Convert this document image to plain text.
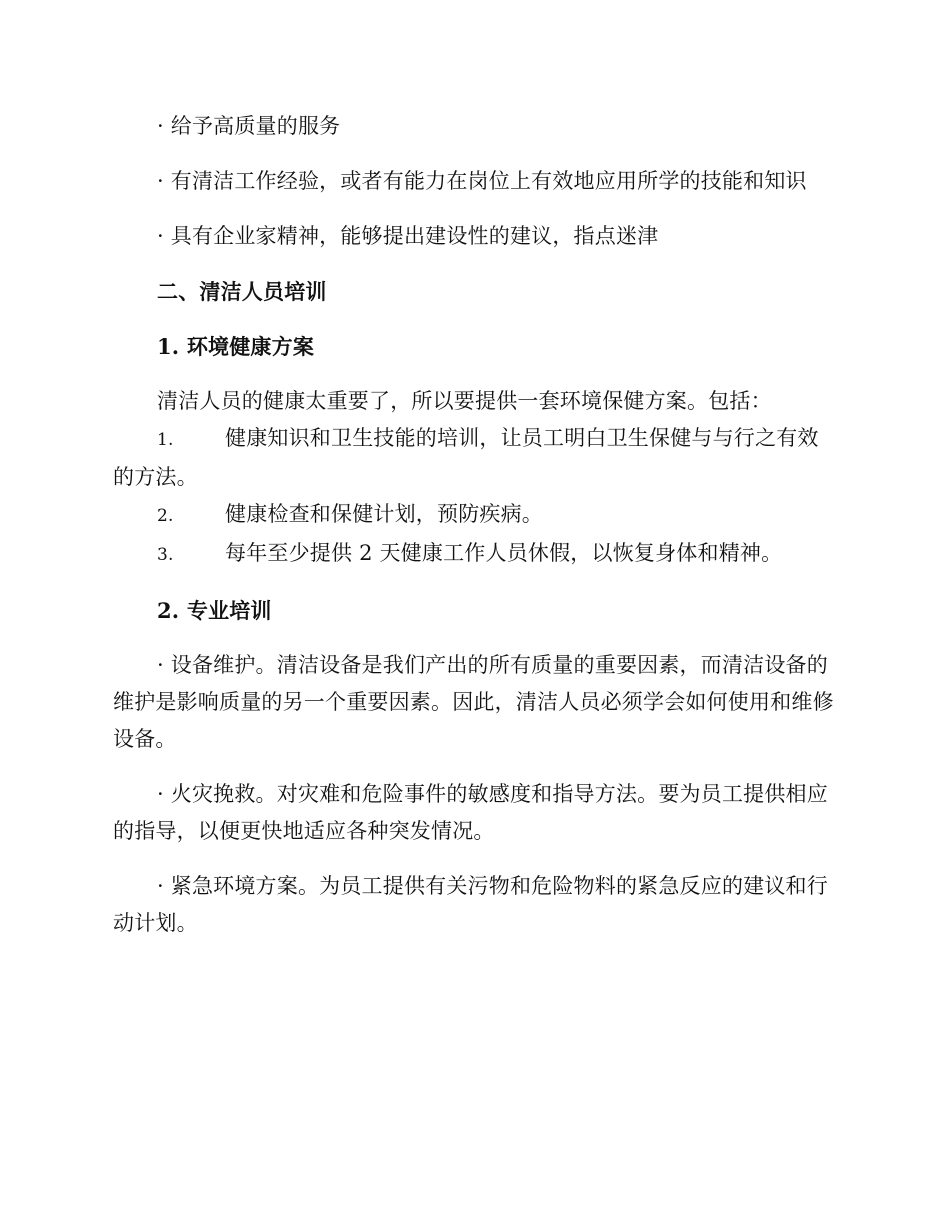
· 给予高质量的服务

· 有清洁工作经验，或者有能力在岗位上有效地应用所学的技能和知识

· 具有企业家精神，能够提出建设性的建议，指点迷津

二、清洁人员培训

1. 环境健康方案

清洁人员的健康太重要了，所以要提供一套环境保健方案。包括：

1. 健康知识和卫生技能的培训，让员工明白卫生保健与与行之有效的方法。

2. 健康检查和保健计划，预防疾病。

3. 每年至少提供 2 天健康工作人员休假，以恢复身体和精神。

2. 专业培训

· 设备维护。清洁设备是我们产出的所有质量的重要因素，而清洁设备的维护是影响质量的另一个重要因素。因此，清洁人员必须学会如何使用和维修设备。

· 火灾挽救。对灾难和危险事件的敏感度和指导方法。要为员工提供相应的指导，以便更快地适应各种突发情况。

· 紧急环境方案。为员工提供有关污物和危险物料的紧急反应的建议和行动计划。
